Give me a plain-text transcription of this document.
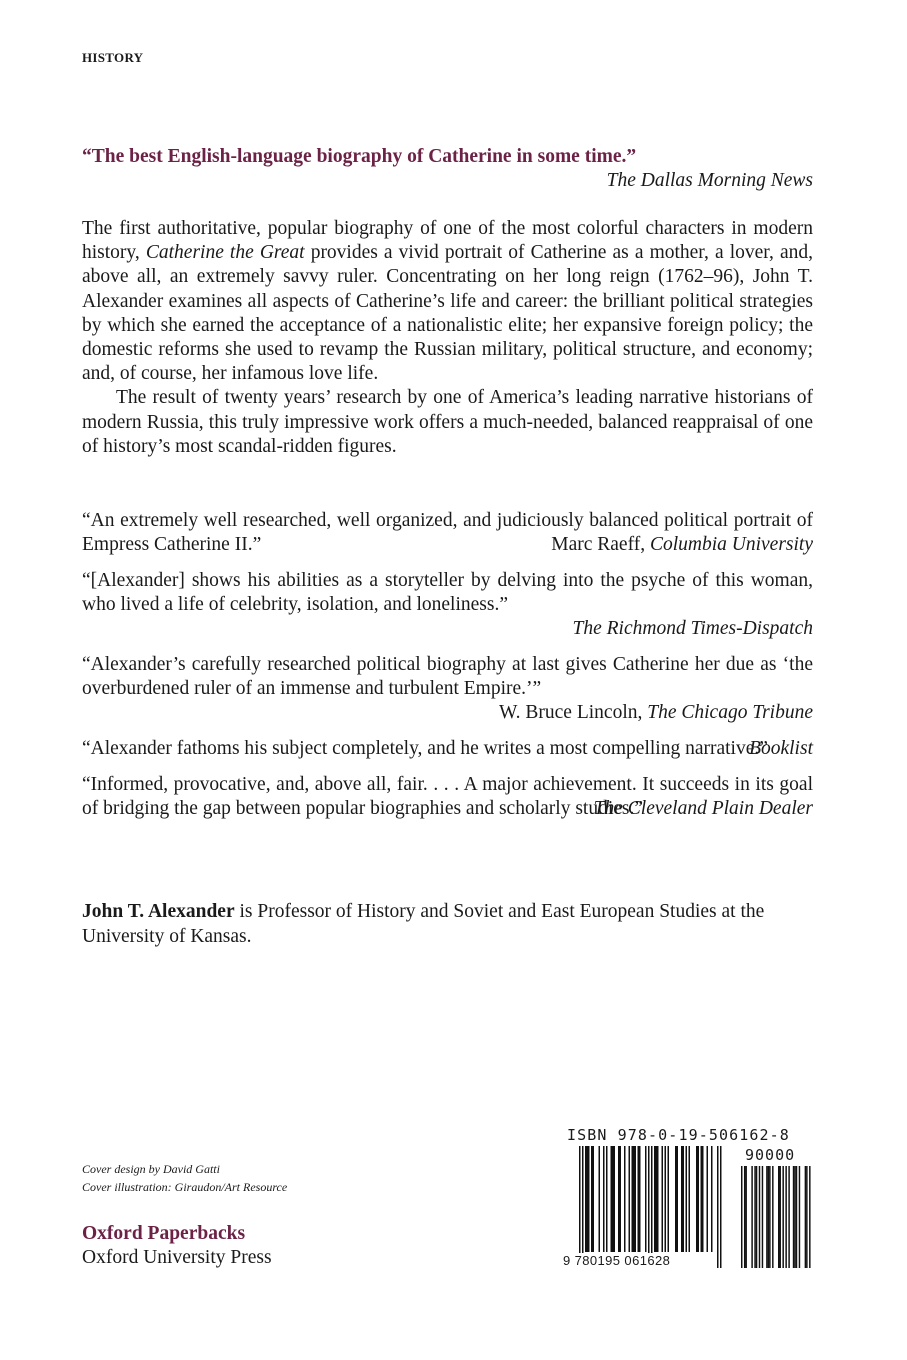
HISTORY
“The best English-language biography of Catherine in some time.”
The Dallas Morning News

The first authoritative, popular biography of one of the most colorful characters in modern history, Catherine the Great provides a vivid portrait of Catherine as a mother, a lover, and, above all, an extremely savvy ruler. Concentrating on her long reign (1762–96), John T. Alexander examines all aspects of Catherine’s life and career: the brilliant political strategies by which she earned the acceptance of a nationalistic elite; her expansive foreign policy; the domestic reforms she used to revamp the Russian military, political structure, and economy; and, of course, her infamous love life.

The result of twenty years’ research by one of America’s leading narrative historians of modern Russia, this truly impressive work offers a much-needed, balanced reappraisal of one of history’s most scandal-ridden figures.

“An extremely well researched, well organized, and judiciously balanced political portrait of Empress Catherine II.”	Marc Raeff, Columbia University
“[Alexander] shows his abilities as a storyteller by delving into the psyche of this woman, who lived a life of celebrity, isolation, and loneliness.”
The Richmond Times-Dispatch
“Alexander’s carefully researched political biography at last gives Catherine her due as ‘the overburdened ruler of an immense and turbulent Empire.’”
W. Bruce Lincoln, The Chicago Tribune
“Alexander fathoms his subject completely, and he writes a most compelling narrative.”
Booklist
“Informed, provocative, and, above all, fair. . . . A major achievement. It succeeds in its goal of bridging the gap between popular biographies and scholarly studies.”
The Cleveland Plain Dealer
John T. Alexander is Professor of History and Soviet and East European Studies at the University of Kansas.
Cover design by David Gatti
Cover illustration: Giraudon/Art Resource
Oxford Paperbacks
Oxford University Press
ISBN 978-0-19-506162-8
90000
9 780195 061628
